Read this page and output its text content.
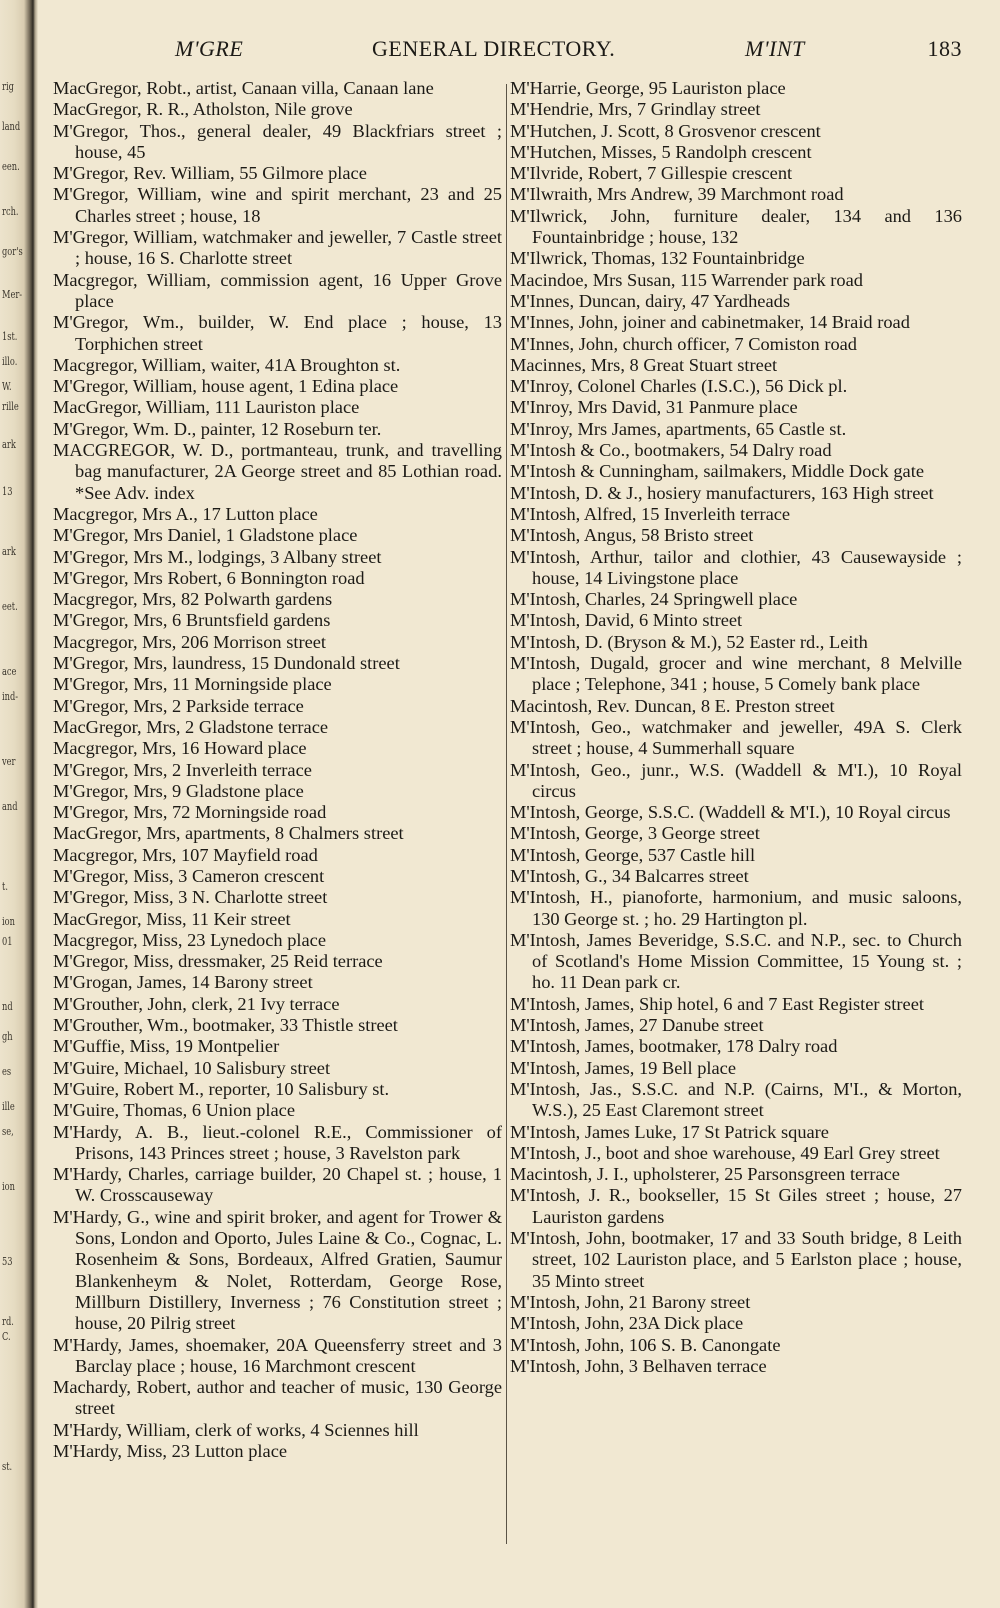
rig
land
een.
rch.
gor's
Mer-
1st.
illo.
W.
rille
ark
13
ark
eet.
ace
ind-
ver
and
t.
ion
01
nd
gh
es
ille
se,
ion
53
rd.
C.
st.
M'GRE	GENERAL DIRECTORY.	M'INT	183

MacGregor, Robt., artist, Canaan villa, Canaan lane

MacGregor, R. R., Atholston, Nile grove

M'Gregor, Thos., general dealer, 49 Blackfriars street ; house, 45

M'Gregor, Rev. William, 55 Gilmore place

M'Gregor, William, wine and spirit merchant, 23 and 25 Charles street ; house, 18

M'Gregor, William, watchmaker and jeweller, 7 Castle street ; house, 16 S. Charlotte street

Macgregor, William, commission agent, 16 Upper Grove place

M'Gregor, Wm., builder, W. End place ; house, 13 Torphichen street

Macgregor, William, waiter, 41A Broughton st.

M'Gregor, William, house agent, 1 Edina place

MacGregor, William, 111 Lauriston place

M'Gregor, Wm. D., painter, 12 Roseburn ter.

MACGREGOR, W. D., portmanteau, trunk, and travelling bag manufacturer, 2A George street and 85 Lothian road. *See Adv. index

Macgregor, Mrs A., 17 Lutton place

M'Gregor, Mrs Daniel, 1 Gladstone place

M'Gregor, Mrs M., lodgings, 3 Albany street

M'Gregor, Mrs Robert, 6 Bonnington road

Macgregor, Mrs, 82 Polwarth gardens

M'Gregor, Mrs, 6 Bruntsfield gardens

Macgregor, Mrs, 206 Morrison street

M'Gregor, Mrs, laundress, 15 Dundonald street

M'Gregor, Mrs, 11 Morningside place

M'Gregor, Mrs, 2 Parkside terrace

MacGregor, Mrs, 2 Gladstone terrace

Macgregor, Mrs, 16 Howard place

M'Gregor, Mrs, 2 Inverleith terrace

M'Gregor, Mrs, 9 Gladstone place

M'Gregor, Mrs, 72 Morningside road

MacGregor, Mrs, apartments, 8 Chalmers street

Macgregor, Mrs, 107 Mayfield road

M'Gregor, Miss, 3 Cameron crescent

M'Gregor, Miss, 3 N. Charlotte street

MacGregor, Miss, 11 Keir street

Macgregor, Miss, 23 Lynedoch place

M'Gregor, Miss, dressmaker, 25 Reid terrace

M'Grogan, James, 14 Barony street

M'Grouther, John, clerk, 21 Ivy terrace

M'Grouther, Wm., bootmaker, 33 Thistle street

M'Guffie, Miss, 19 Montpelier

M'Guire, Michael, 10 Salisbury street

M'Guire, Robert M., reporter, 10 Salisbury st.

M'Guire, Thomas, 6 Union place

M'Hardy, A. B., lieut.-colonel R.E., Commissioner of Prisons, 143 Princes street ; house, 3 Ravelston park

M'Hardy, Charles, carriage builder, 20 Chapel st. ; house, 1 W. Crosscauseway

M'Hardy, G., wine and spirit broker, and agent for Trower & Sons, London and Oporto, Jules Laine & Co., Cognac, L. Rosenheim & Sons, Bordeaux, Alfred Gratien, Saumur Blankenheym & Nolet, Rotterdam, George Rose, Millburn Distillery, Inverness ; 76 Constitution street ; house, 20 Pilrig street

M'Hardy, James, shoemaker, 20A Queensferry street and 3 Barclay place ; house, 16 Marchmont crescent

Machardy, Robert, author and teacher of music, 130 George street

M'Hardy, William, clerk of works, 4 Sciennes hill

M'Hardy, Miss, 23 Lutton place

M'Harrie, George, 95 Lauriston place

M'Hendrie, Mrs, 7 Grindlay street

M'Hutchen, J. Scott, 8 Grosvenor crescent

M'Hutchen, Misses, 5 Randolph crescent

M'Ilvride, Robert, 7 Gillespie crescent

M'Ilwraith, Mrs Andrew, 39 Marchmont road

M'Ilwrick, John, furniture dealer, 134 and 136 Fountainbridge ; house, 132

M'Ilwrick, Thomas, 132 Fountainbridge

Macindoe, Mrs Susan, 115 Warrender park road

M'Innes, Duncan, dairy, 47 Yardheads

M'Innes, John, joiner and cabinetmaker, 14 Braid road

M'Innes, John, church officer, 7 Comiston road

Macinnes, Mrs, 8 Great Stuart street

M'Inroy, Colonel Charles (I.S.C.), 56 Dick pl.

M'Inroy, Mrs David, 31 Panmure place

M'Inroy, Mrs James, apartments, 65 Castle st.

M'Intosh & Co., bootmakers, 54 Dalry road

M'Intosh & Cunningham, sailmakers, Middle Dock gate

M'Intosh, D. & J., hosiery manufacturers, 163 High street

M'Intosh, Alfred, 15 Inverleith terrace

M'Intosh, Angus, 58 Bristo street

M'Intosh, Arthur, tailor and clothier, 43 Causewayside ; house, 14 Livingstone place

M'Intosh, Charles, 24 Springwell place

M'Intosh, David, 6 Minto street

M'Intosh, D. (Bryson & M.), 52 Easter rd., Leith

M'Intosh, Dugald, grocer and wine merchant, 8 Melville place ; Telephone, 341 ; house, 5 Comely bank place

Macintosh, Rev. Duncan, 8 E. Preston street

M'Intosh, Geo., watchmaker and jeweller, 49A S. Clerk street ; house, 4 Summerhall square

M'Intosh, Geo., junr., W.S. (Waddell & M'I.), 10 Royal circus

M'Intosh, George, S.S.C. (Waddell & M'I.), 10 Royal circus

M'Intosh, George, 3 George street

M'Intosh, George, 537 Castle hill

M'Intosh, G., 34 Balcarres street

M'Intosh, H., pianoforte, harmonium, and music saloons, 130 George st. ; ho. 29 Hartington pl.

M'Intosh, James Beveridge, S.S.C. and N.P., sec. to Church of Scotland's Home Mission Committee, 15 Young st. ; ho. 11 Dean park cr.

M'Intosh, James, Ship hotel, 6 and 7 East Register street

M'Intosh, James, 27 Danube street

M'Intosh, James, bootmaker, 178 Dalry road

M'Intosh, James, 19 Bell place

M'Intosh, Jas., S.S.C. and N.P. (Cairns, M'I., & Morton, W.S.), 25 East Claremont street

M'Intosh, James Luke, 17 St Patrick square

M'Intosh, J., boot and shoe warehouse, 49 Earl Grey street

Macintosh, J. I., upholsterer, 25 Parsonsgreen terrace

M'Intosh, J. R., bookseller, 15 St Giles street ; house, 27 Lauriston gardens

M'Intosh, John, bootmaker, 17 and 33 South bridge, 8 Leith street, 102 Lauriston place, and 5 Earlston place ; house, 35 Minto street

M'Intosh, John, 21 Barony street

M'Intosh, John, 23A Dick place

M'Intosh, John, 106 S. B. Canongate

M'Intosh, John, 3 Belhaven terrace
